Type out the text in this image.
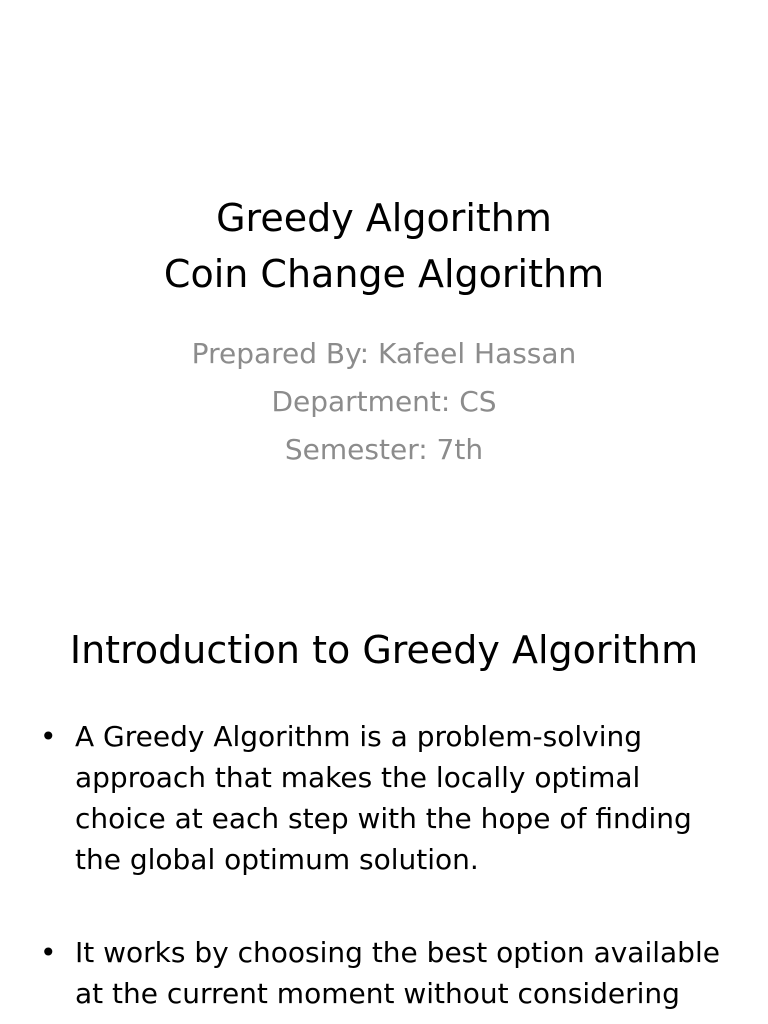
Greedy Algorithm
Coin Change Algorithm
Prepared By: Kafeel Hassan
Department: CS
Semester: 7th
Introduction to Greedy Algorithm
• A Greedy Algorithm is a problem-solving approach that makes the locally optimal choice at each step with the hope of finding the global optimum solution.
• It works by choosing the best option available at the current moment without considering
